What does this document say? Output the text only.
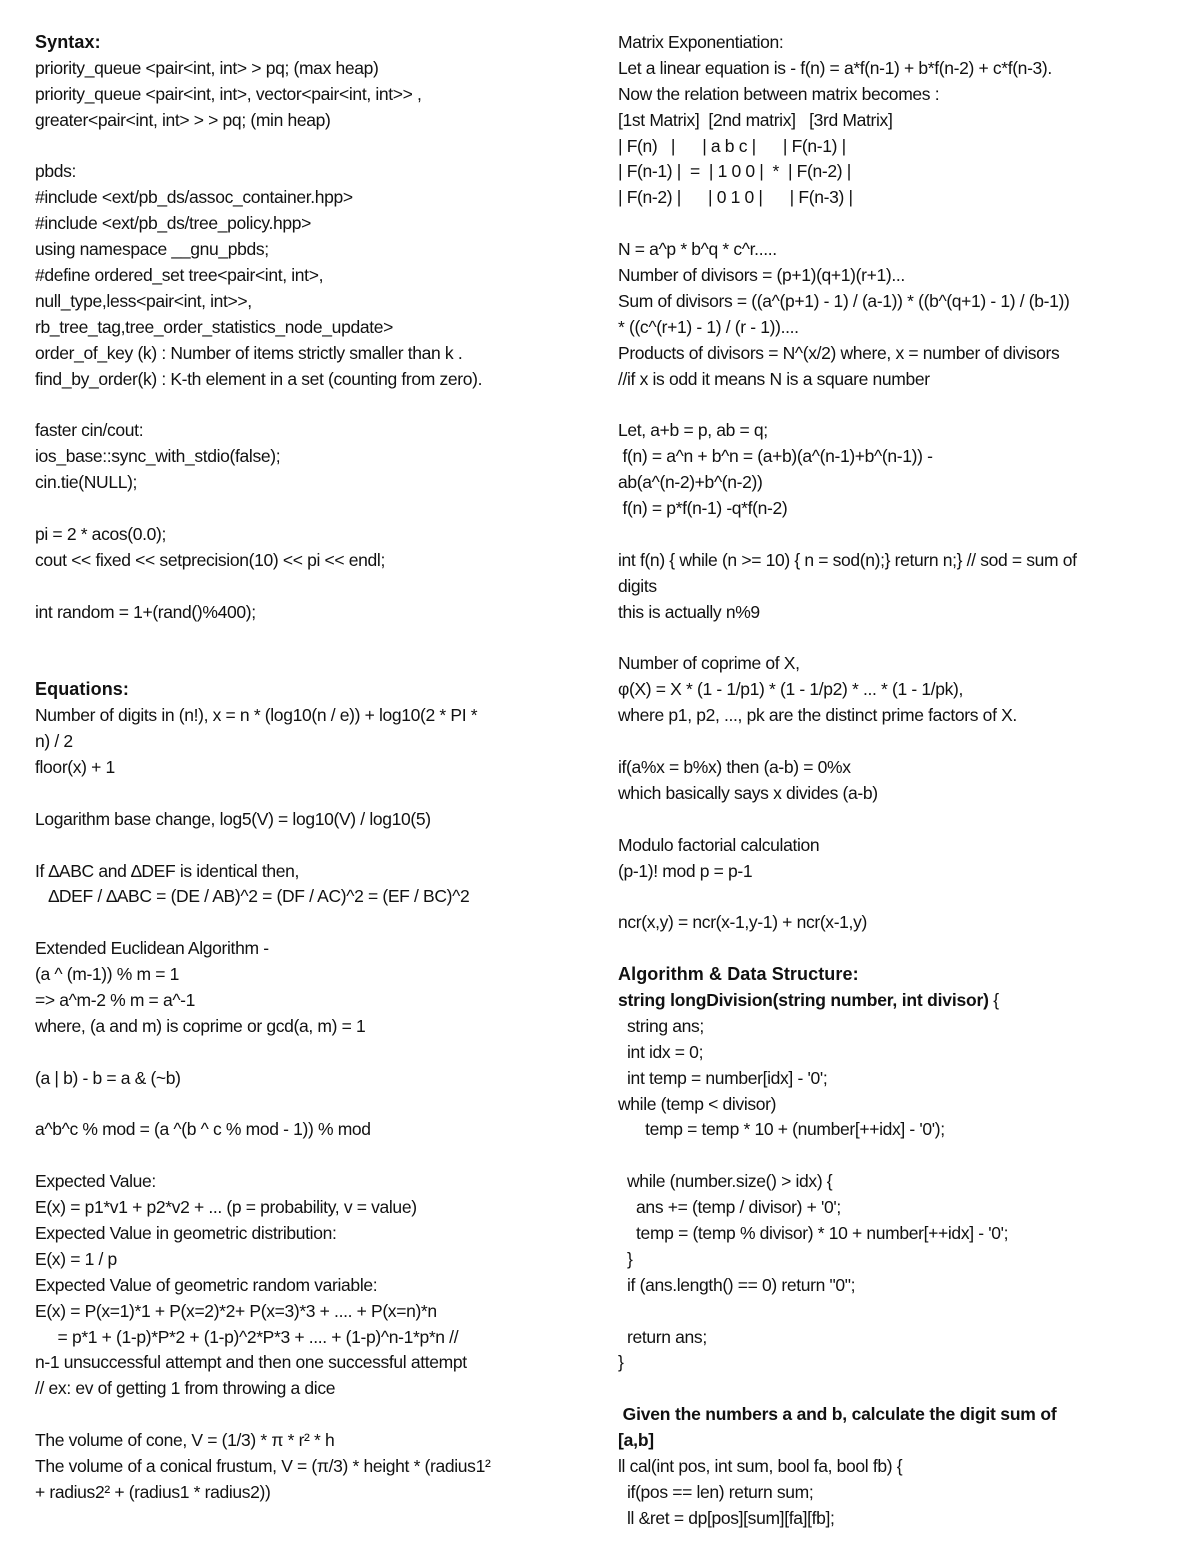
Syntax:
priority_queue <pair<int, int> > pq; (max heap)
priority_queue <pair<int, int>, vector<pair<int, int>> ,
greater<pair<int, int> > > pq; (min heap)
pbds:
#include <ext/pb_ds/assoc_container.hpp>
#include <ext/pb_ds/tree_policy.hpp>
using namespace __gnu_pbds;
#define ordered_set tree<pair<int, int>,
null_type,less<pair<int, int>>,
rb_tree_tag,tree_order_statistics_node_update>
order_of_key (k) : Number of items strictly smaller than k .
find_by_order(k) : K-th element in a set (counting from zero).
faster cin/cout:
ios_base::sync_with_stdio(false);
cin.tie(NULL);
pi = 2 * acos(0.0);
cout << fixed << setprecision(10) << pi << endl;
int random = 1+(rand()%400);
Equations:
Number of digits in (n!), x = n * (log10(n / e)) + log10(2 * PI *
n) / 2
floor(x) + 1
Logarithm base change, log5(V) = log10(V) / log10(5)
If ∆ABC and ∆DEF is identical then,
∆DEF / ∆ABC = (DE / AB)^2 = (DF / AC)^2 = (EF / BC)^2
Extended Euclidean Algorithm -
(a ^ (m-1)) % m = 1
=> a^m-2 % m = a^-1
where, (a and m) is coprime or gcd(a, m) = 1
(a | b) - b = a & (~b)
a^b^c % mod = (a ^(b ^ c % mod - 1)) % mod
Expected Value:
E(x) = p1*v1 + p2*v2 + ... (p = probability, v = value)
Expected Value in geometric distribution:
E(x) = 1 / p
Expected Value of geometric random variable:
E(x) = P(x=1)*1 + P(x=2)*2+ P(x=3)*3 + .... + P(x=n)*n
= p*1 + (1-p)*P*2 + (1-p)^2*P*3 + .... + (1-p)^n-1*p*n //
n-1 unsuccessful attempt and then one successful attempt
// ex: ev of getting 1 from throwing a dice
The volume of cone, V = (1/3) * π * r² * h
The volume of a conical frustum, V = (π/3) * height * (radius1²
+ radius2² + (radius1 * radius2))
Matrix Exponentiation:
Let a linear equation is - f(n) = a*f(n-1) + b*f(n-2) + c*f(n-3).
Now the relation between matrix becomes :
[1st Matrix]  [2nd matrix]   [3rd Matrix]
| F(n)   |      | a b c |      | F(n-1) |
| F(n-1) |  =  | 1 0 0 |  *  | F(n-2) |
| F(n-2) |      | 0 1 0 |      | F(n-3) |
N = a^p * b^q * c^r.....
Number of divisors = (p+1)(q+1)(r+1)...
Sum of divisors = ((a^(p+1) - 1) / (a-1)) * ((b^(q+1) - 1) / (b-1))
* ((c^(r+1) - 1) / (r - 1))....
Products of divisors = N^(x/2) where, x = number of divisors
//if x is odd it means N is a square number
Let, a+b = p, ab = q;
f(n) = a^n + b^n = (a+b)(a^(n-1)+b^(n-1)) -
ab(a^(n-2)+b^(n-2))
f(n) = p*f(n-1) -q*f(n-2)
int f(n) { while (n >= 10) { n = sod(n);} return n;} // sod = sum of
digits
this is actually n%9
Number of coprime of X,
φ(X) = X * (1 - 1/p1) * (1 - 1/p2) * ... * (1 - 1/pk),
where p1, p2, ..., pk are the distinct prime factors of X.
if(a%x = b%x) then (a-b) = 0%x
which basically says x divides (a-b)
Modulo factorial calculation
(p-1)! mod p = p-1
ncr(x,y) = ncr(x-1,y-1) + ncr(x-1,y)
Algorithm & Data Structure:
string longDivision(string number, int divisor) {
string ans;
int idx = 0;
int temp = number[idx] - '0';
while (temp < divisor)
temp = temp * 10 + (number[++idx] - '0');
while (number.size() > idx) {
ans += (temp / divisor) + '0';
temp = (temp % divisor) * 10 + number[++idx] - '0';
}
if (ans.length() == 0) return "0";
return ans;
}
Given the numbers a and b, calculate the digit sum of
[a,b]
ll cal(int pos, int sum, bool fa, bool fb) {
if(pos == len) return sum;
ll &ret = dp[pos][sum][fa][fb];
